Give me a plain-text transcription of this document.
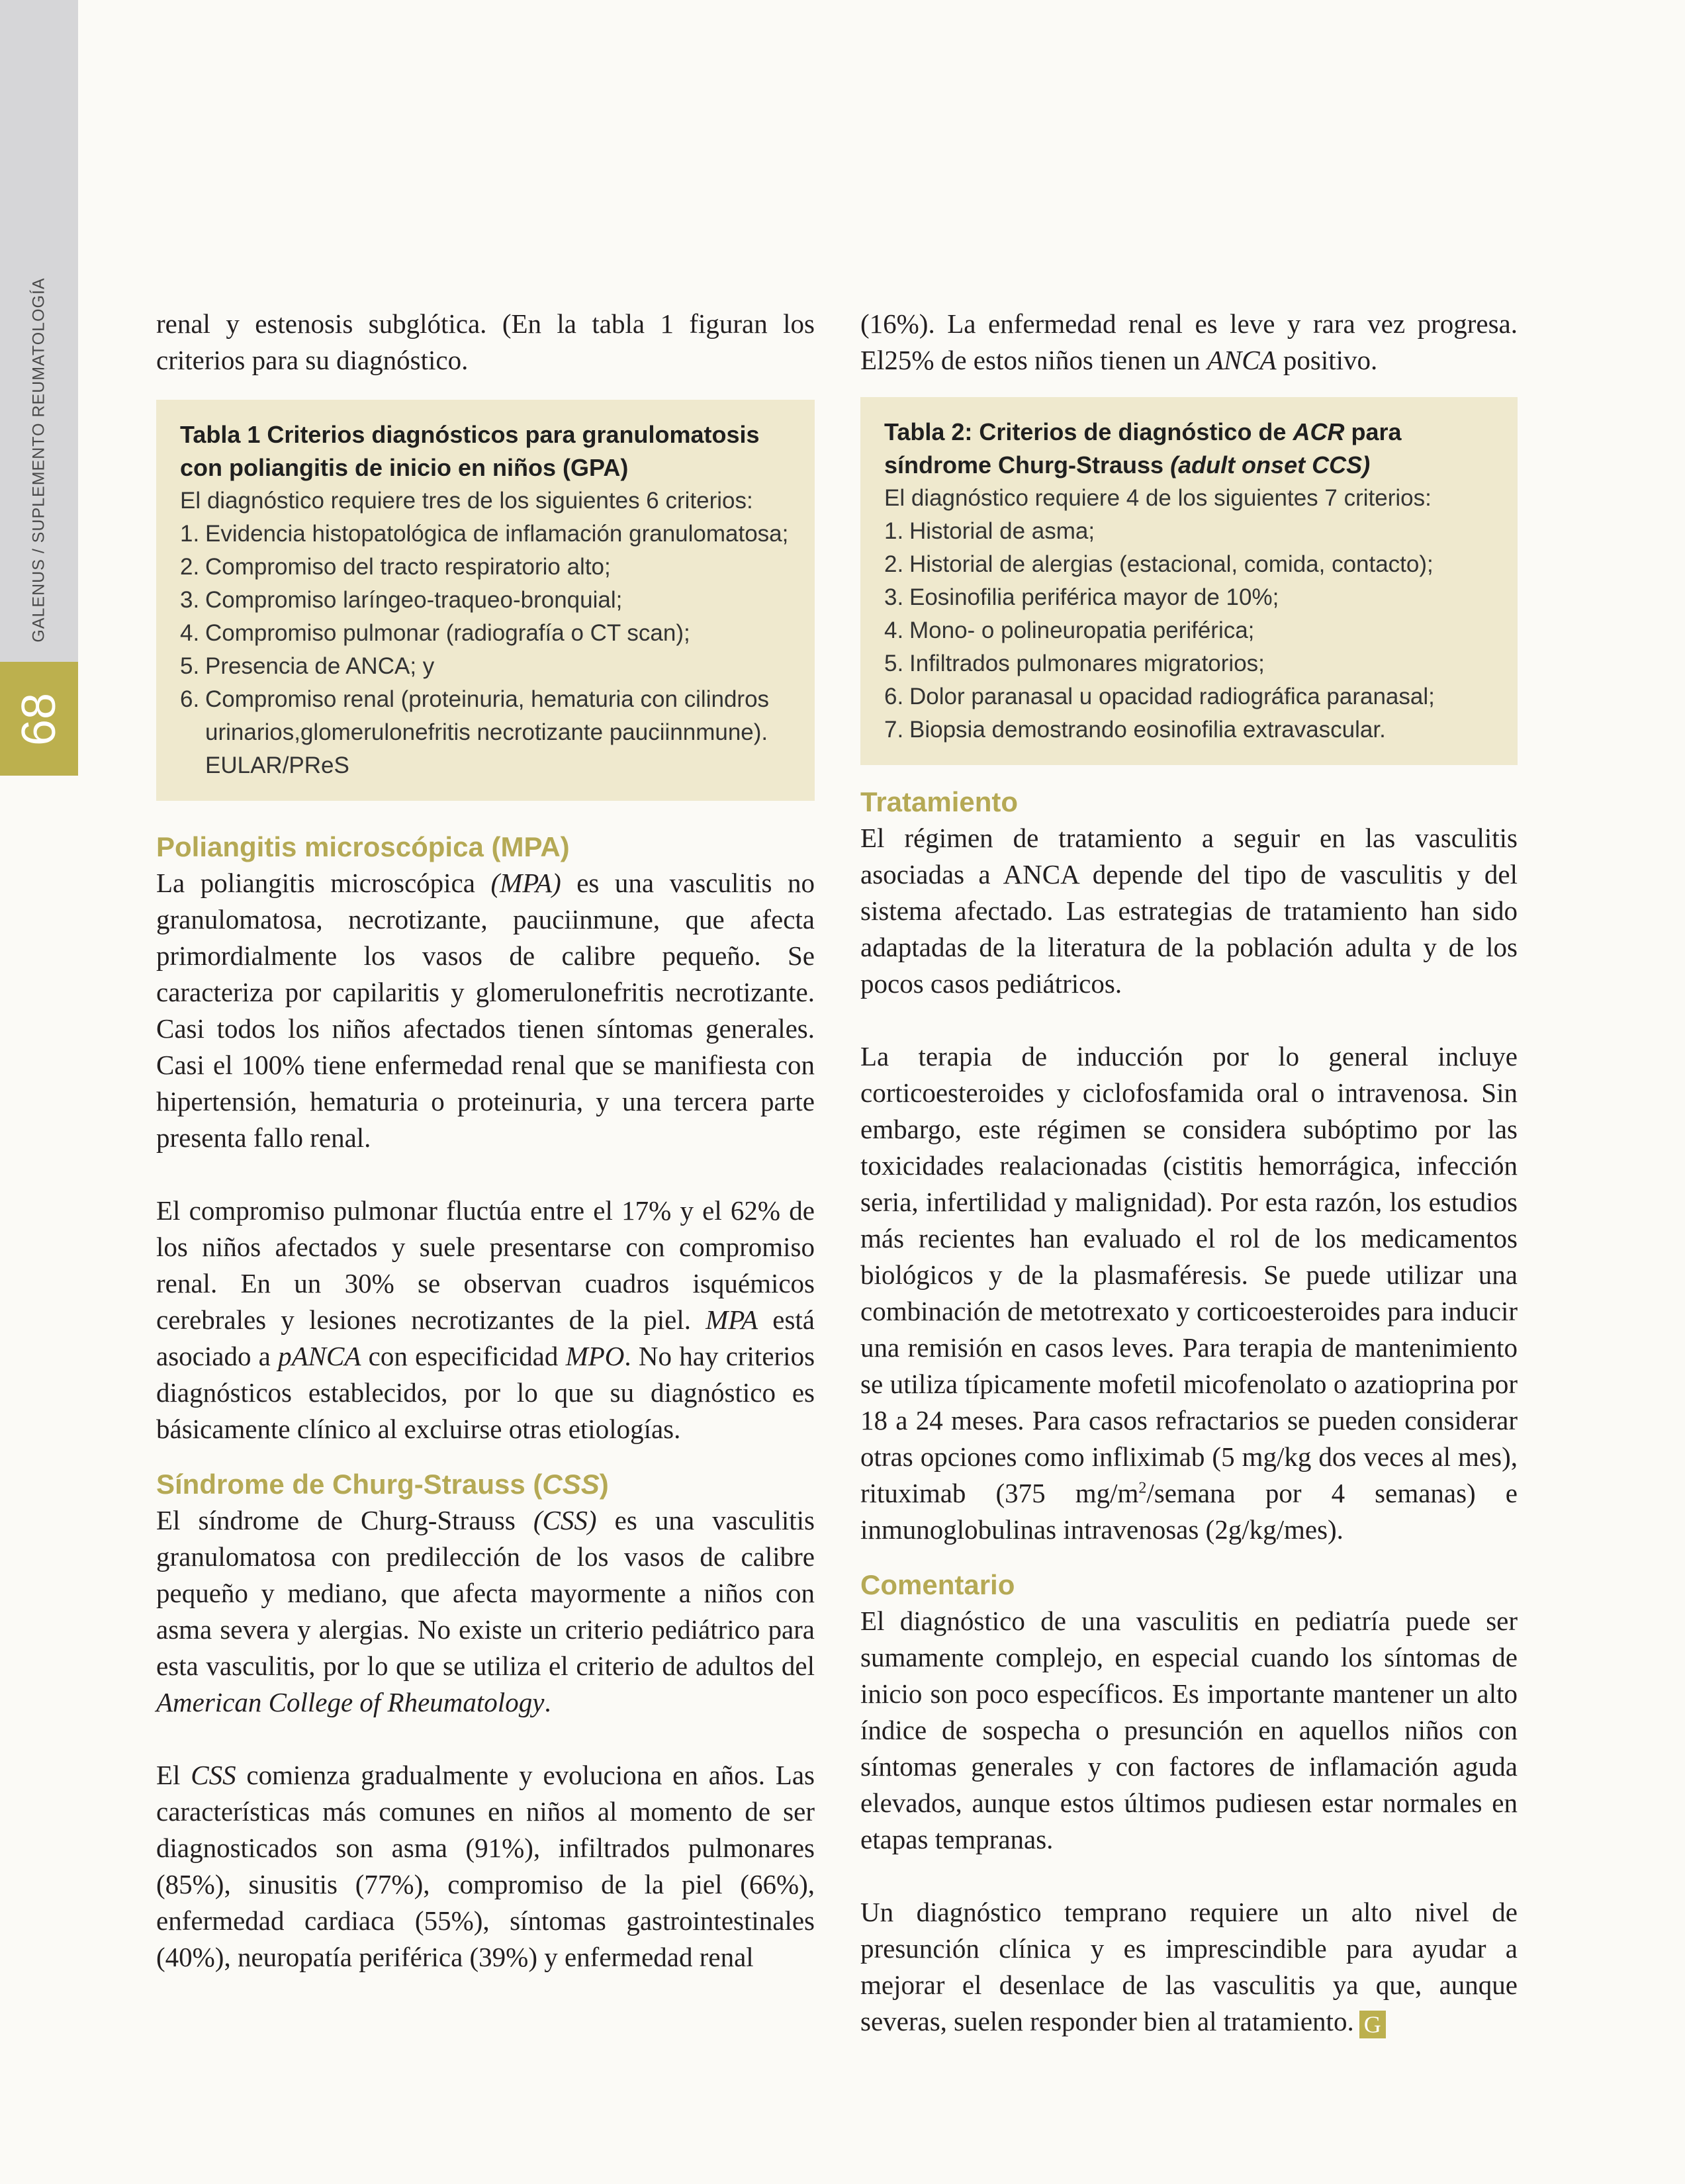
68
GALENUS / SUPLEMENTO REUMATOLOGÍA	renal y estenosis subglótica. (En la tabla 1 figuran los criterios para su diagnóstico.

Tabla 1 Criterios diagnósticos para granulomatosis con poliangitis de inicio en niños (GPA)
El diagnóstico requiere tres de los siguientes 6 criterios:
1. Evidencia histopatológica de inflamación granulomatosa;
2. Compromiso del tracto respiratorio alto;
3. Compromiso laríngeo-traqueo-bronquial;
4. Compromiso pulmonar (radiografía o CT scan);
5. Presencia de ANCA; y
6. Compromiso renal (proteinuria, hematuria con cilindros urinarios,glomerulonefritis necrotizante pauciinnmune). EULAR/PReS
Poliangitis microscópica (MPA)

La poliangitis microscópica (MPA) es una vasculitis no granulomatosa, necrotizante, pauciinmune, que afecta primordialmente los vasos de calibre pequeño. Se caracteriza por capilaritis y glomerulonefritis necrotizante. Casi todos los niños afectados tienen síntomas generales. Casi el 100% tiene enfermedad renal que se manifiesta con hipertensión, hematuria o proteinuria, y una tercera parte presenta fallo renal.

El compromiso pulmonar fluctúa entre el 17% y el 62% de los niños afectados y suele presentarse con compromiso renal. En un 30% se observan cuadros isquémicos cerebrales y lesiones necrotizantes de la piel. MPA está asociado a pANCA con especificidad MPO. No hay criterios diagnósticos establecidos, por lo que su diagnóstico es básicamente clínico al excluirse otras etiologías.

Síndrome de Churg-Strauss (CSS)

El síndrome de Churg-Strauss (CSS) es una vasculitis granulomatosa con predilección de los vasos de calibre pequeño y mediano, que afecta mayormente a niños con asma severa y alergias. No existe un criterio pediátrico para esta vasculitis, por lo que se utiliza el criterio de adultos del American College of Rheumatology.

El CSS comienza gradualmente y evoluciona en años. Las características más comunes en niños al momento de ser diagnosticados son asma (91%), infiltrados pulmonares (85%), sinusitis (77%), compromiso de la piel (66%), enfermedad cardiaca (55%), síntomas gastrointestinales (40%), neuropatía periférica (39%) y enfermedad renal

(16%). La enfermedad renal es leve y rara vez progresa. El25% de estos niños tienen un ANCA positivo.

Tabla 2: Criterios de diagnóstico de ACR para síndrome Churg-Strauss (adult onset CCS)
El diagnóstico requiere 4 de los siguientes 7 criterios:
1. Historial de asma;
2. Historial de alergias (estacional, comida, contacto);
3. Eosinofilia periférica mayor de 10%;
4. Mono- o polineuropatia periférica;
5. Infiltrados pulmonares migratorios;
6. Dolor paranasal u opacidad radiográfica paranasal;
7. Biopsia demostrando eosinofilia extravascular.
Tratamiento

El régimen de tratamiento a seguir en las vasculitis asociadas a ANCA depende del tipo de vasculitis y del sistema afectado. Las estrategias de tratamiento han sido adaptadas de la literatura de la población adulta y de los pocos casos pediátricos.

La terapia de inducción por lo general incluye corticoesteroides y ciclofosfamida oral o intravenosa. Sin embargo, este régimen se considera subóptimo por las toxicidades realacionadas (cistitis hemorrágica, infección seria, infertilidad y malignidad). Por esta razón, los estudios más recientes han evaluado el rol de los medicamentos biológicos y de la plasmaféresis. Se puede utilizar una combinación de metotrexato y corticoesteroides para inducir una remisión en casos leves. Para terapia de mantenimiento se utiliza típicamente mofetil micofenolato o azatioprina por 18 a 24 meses. Para casos refractarios se pueden considerar otras opciones como infliximab (5 mg/kg dos veces al mes), rituximab (375 $mg/m^2$/semana por 4 semanas) e inmunoglobulinas intravenosas (2g/kg/mes).

Comentario

El diagnóstico de una vasculitis en pediatría puede ser sumamente complejo, en especial cuando los síntomas de inicio son poco específicos. Es importante mantener un alto índice de sospecha o presunción en aquellos niños con síntomas generales y con factores de inflamación aguda elevados, aunque estos últimos pudiesen estar normales en etapas tempranas.

Un diagnóstico temprano requiere un alto nivel de presunción clínica y es imprescindible para ayudar a mejorar el desenlace de las vasculitis ya que, aunque severas, suelen responder bien al tratamiento. G
